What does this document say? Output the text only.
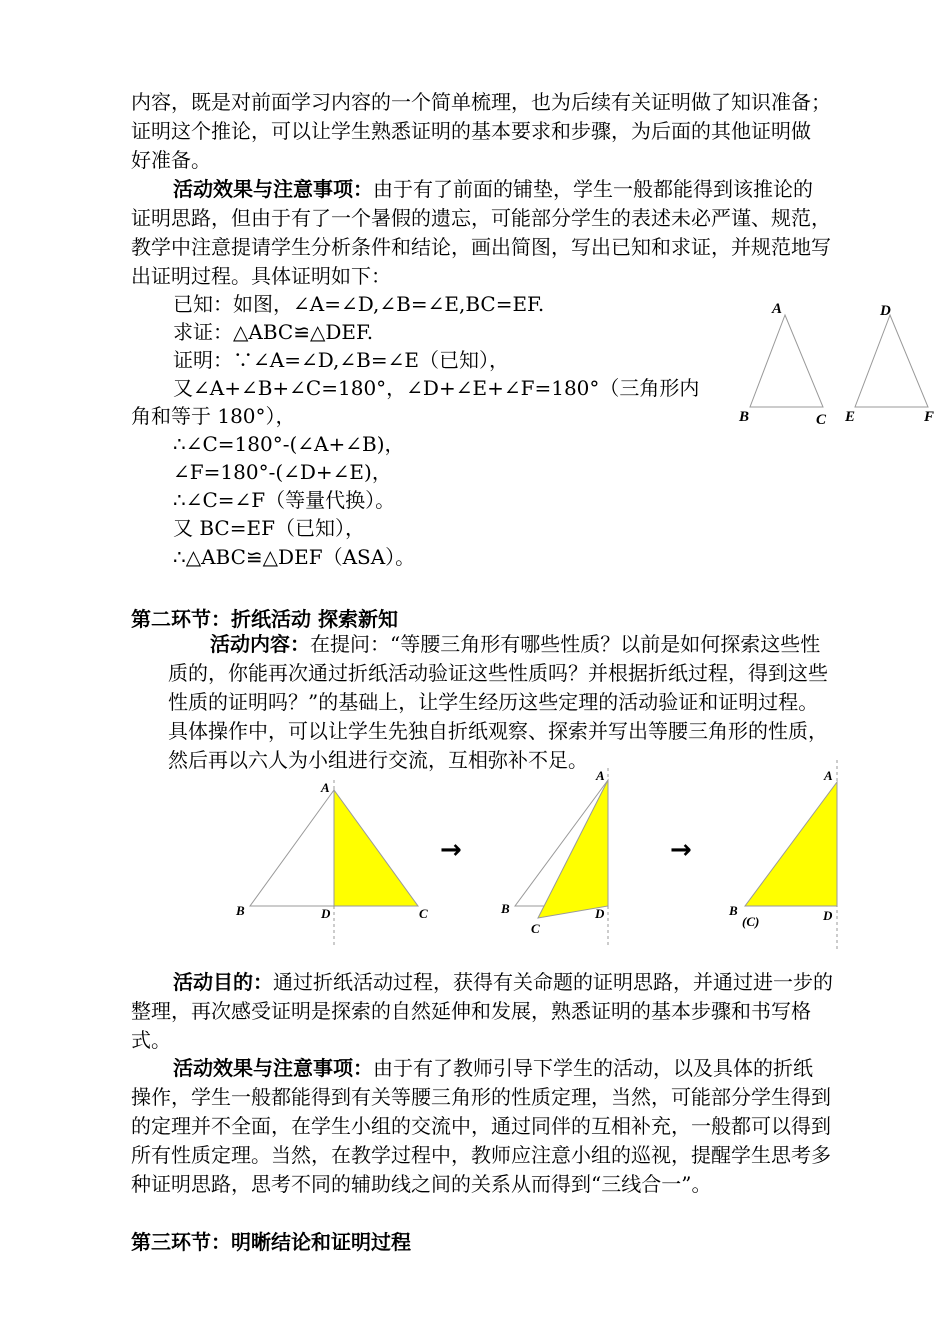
内容，既是对前面学习内容的一个简单梳理，也为后续有关证明做了知识准备；
证明这个推论，可以让学生熟悉证明的基本要求和步骤，为后面的其他证明做
好准备。
活动效果与注意事项：由于有了前面的铺垫，学生一般都能得到该推论的
证明思路，但由于有了一个暑假的遗忘，可能部分学生的表述未必严谨、规范，
教学中注意提请学生分析条件和结论，画出简图，写出已知和求证，并规范地写
出证明过程。具体证明如下：
已知：如图，∠A=∠D,∠B=∠E,BC=EF.
求证：△ABC≌△DEF.
证明：∵∠A=∠D,∠B=∠E（已知），
又∠A+∠B+∠C=180°，∠D+∠E+∠F=180°（三角形内
角和等于 180°），
∴∠C=180°-(∠A+∠B)，
∠F=180°-(∠D+∠E)，
∴∠C=∠F（等量代换）。
又 BC=EF（已知），
∴△ABC≌△DEF（ASA）。
A
B	C
D
E	F
第二环节：折纸活动 探索新知
活动内容：在提问：“等腰三角形有哪些性质？以前是如何探索这些性
质的，你能再次通过折纸活动验证这些性质吗？并根据折纸过程，得到这些
性质的证明吗？”的基础上，让学生经历这些定理的活动验证和证明过程。
具体操作中，可以让学生先独自折纸观察、探索并写出等腰三角形的性质，
然后再以六人为小组进行交流，互相弥补不足。
A
B	D	C
→
A
B	D
C
→
A
B
(C)	D
活动目的：通过折纸活动过程，获得有关命题的证明思路，并通过进一步的
整理，再次感受证明是探索的自然延伸和发展，熟悉证明的基本步骤和书写格
式。
活动效果与注意事项：由于有了教师引导下学生的活动，以及具体的折纸
操作，学生一般都能得到有关等腰三角形的性质定理，当然，可能部分学生得到
的定理并不全面，在学生小组的交流中，通过同伴的互相补充，一般都可以得到
所有性质定理。当然，在教学过程中，教师应注意小组的巡视，提醒学生思考多
种证明思路，思考不同的辅助线之间的关系从而得到“三线合一”。
第三环节：明晰结论和证明过程
